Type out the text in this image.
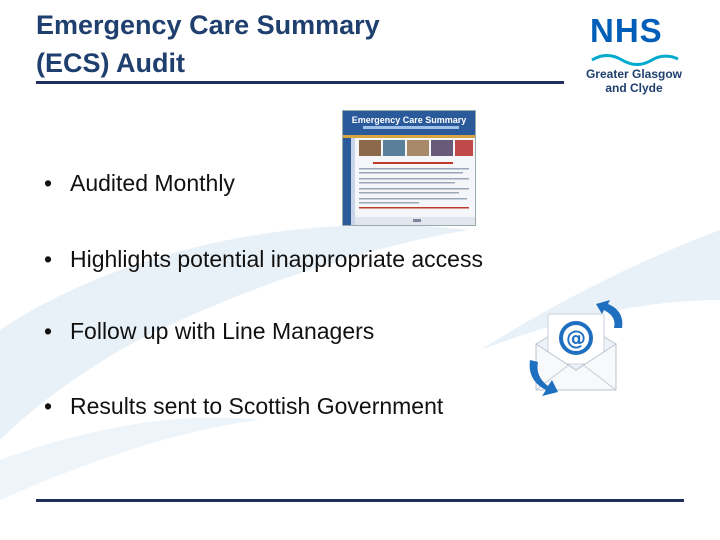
Emergency Care Summary
(ECS) Audit
NHS
Greater Glasgow
and Clyde
Emergency Care Summary
• Audited Monthly
• Highlights potential inappropriate access
• Follow up with Line Managers
• Results sent to Scottish Government
@
